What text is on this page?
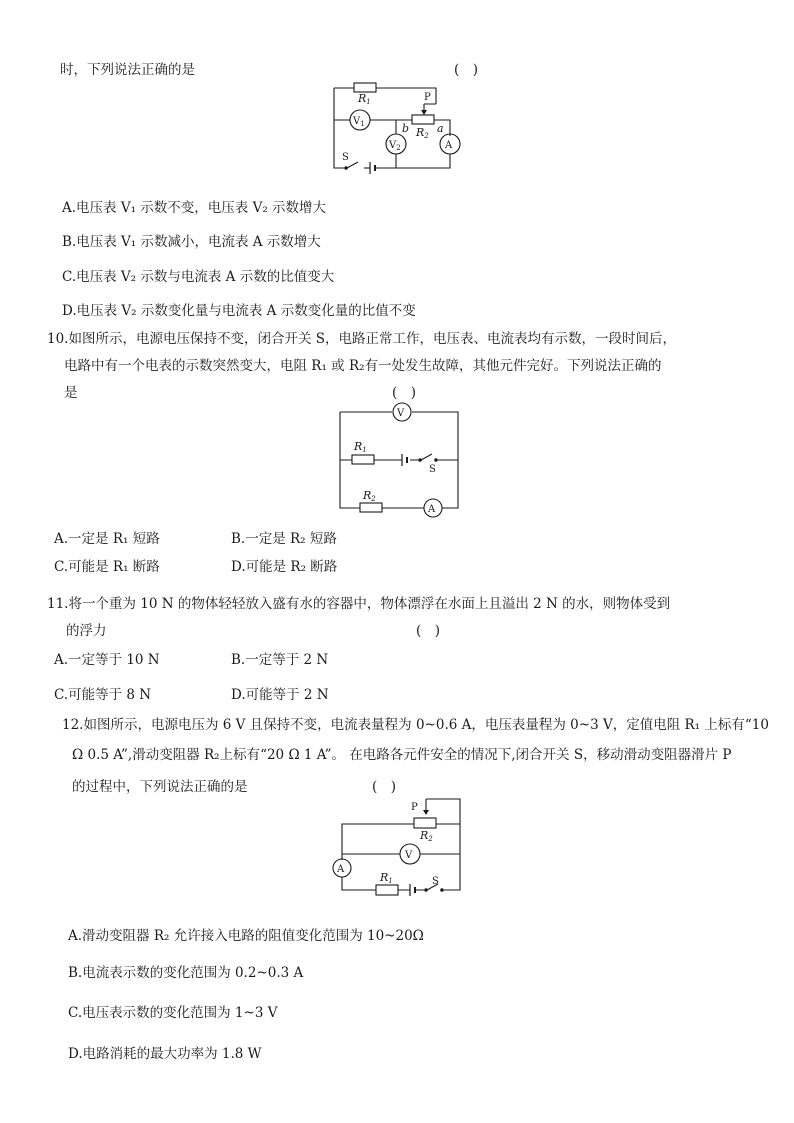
时，下列说法正确的是	(　)
R1
$V_1$
P
b	a
R2
$V_2$	A
S
A.电压表 V₁ 示数不变，电压表 V₂ 示数增大
B.电压表 V₁ 示数减小，电流表 A 示数增大
C.电压表 V₂ 示数与电流表 A 示数的比值变大
D.电压表 V₂ 示数变化量与电流表 A 示数变化量的比值不变
10.如图所示，电源电压保持不变，闭合开关 S，电路正常工作，电压表、电流表均有示数，一段时间后，
电路中有一个电表的示数突然变大，电阻 R₁ 或 R₂有一处发生故障，其他元件完好。下列说法正确的
是	(　)
V
R1
S
R2
A
A.一定是 R₁ 短路	B.一定是 R₂ 短路
C.可能是 R₁ 断路	D.可能是 R₂ 断路
11.将一个重为 10 N 的物体轻轻放入盛有水的容器中，物体漂浮在水面上且溢出 2 N 的水，则物体受到
的浮力	(　)
A.一定等于 10 N	B.一定等于 2 N
C.可能等于 8 N	D.可能等于 2 N
12.如图所示，电源电压为 6 V 且保持不变，电流表量程为 0~0.6 A，电压表量程为 0~3 V，定值电阻 R₁ 上标有“10
Ω 0.5 A”,滑动变阻器 R₂上标有“20 Ω 1 A”。 在电路各元件安全的情况下,闭合开关 S，移动滑动变阻器滑片 P
的过程中，下列说法正确的是	(　)
P
R2
V
A
R1	S
A.滑动变阻器 R₂ 允许接入电路的阻值变化范围为 10~20Ω
B.电流表示数的变化范围为 0.2~0.3 A
C.电压表示数的变化范围为 1~3 V
D.电路消耗的最大功率为 1.8 W
